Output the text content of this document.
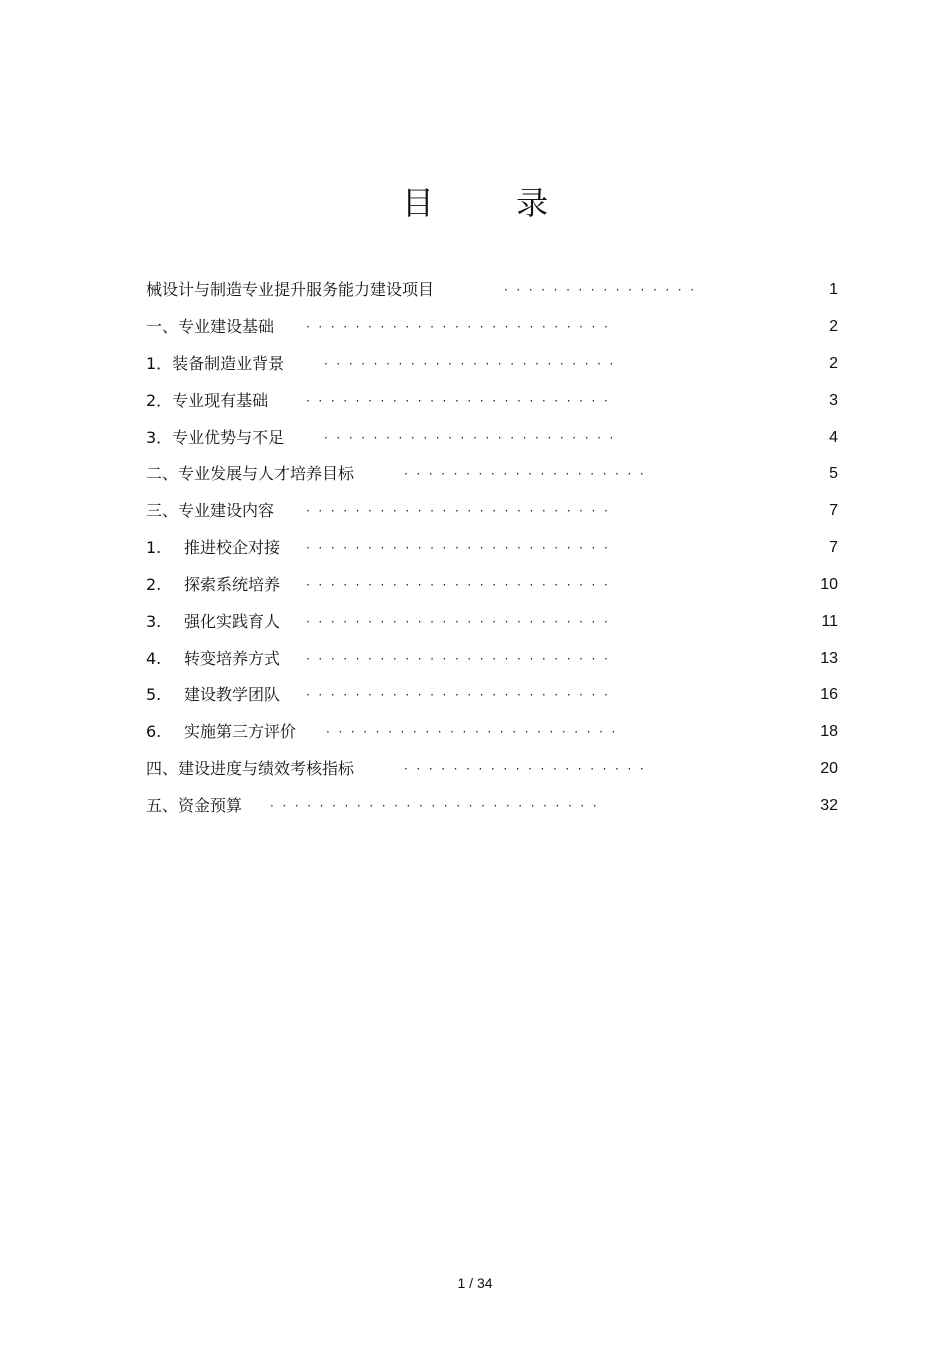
目 录
械设计与制造专业提升服务能力建设项目	················	1
一、专业建设基础	·························	2
1．装备制造业背景	························	2
2．专业现有基础	·························	3
3．专业优势与不足	························	4
二、专业发展与人才培养目标	····················	5
三、专业建设内容	·························	7
1. 推进校企对接 ·························	7
2. 探索系统培养 ·························	10
3. 强化实践育人 ·························	11
4. 转变培养方式 ·························	13
5. 建设教学团队 ·························	16
6. 实施第三方评价 ························	18
四、建设进度与绩效考核指标	····················	20
五、资金预算 ···························	32
1 / 34
